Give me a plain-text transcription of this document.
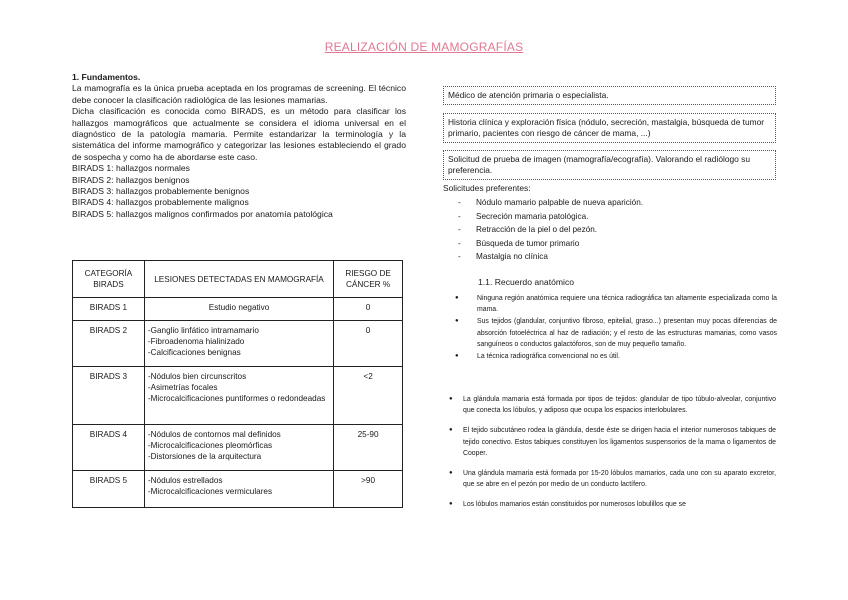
REALIZACIÓN DE MAMOGRAFÍAS

1. Fundamentos.

La mamografía es la única prueba aceptada en los programas de screening. El técnico debe conocer la clasificación radiológica de las lesiones mamarias.

Dicha clasificación es conocida como BIRADS, es un método para clasificar los hallazgos mamográficos que actualmente se considera el idioma universal en el diagnóstico de la patología mamaria. Permite estandarizar la terminología y la sistemática del informe mamográfico y categorizar las lesiones estableciendo el grado de sospecha y como ha de abordarse este caso.

BIRADS 1: hallazgos normales

BIRADS 2: hallazgos benignos

BIRADS 3: hallazgos probablemente benignos

BIRADS 4: hallazgos probablemente malignos

BIRADS 5: hallazgos malignos confirmados por anatomía patológica

CATEGORÍA BIRADS	LESIONES DETECTADAS EN MAMOGRAFÍA	RIESGO DE CÁNCER %
BIRADS 1	Estudio negativo	0
BIRADS 2	-Ganglio linfático intramamario
-Fibroadenoma hialinizado
-Calcificaciones benignas	0
BIRADS 3	-Nódulos bien circunscritos
-Asimetrías focales
-Microcalcificaciones puntiformes o redondeadas	<2
BIRADS 4	-Nódulos de contornos mal definidos
-Microcalcificaciones pleomórficas
-Distorsiones de la arquitectura	25-90
BIRADS 5	-Nódulos estrellados
-Microcalcificaciones vermiculares	>90
Médico de atención primaria o especialista.
Historia clínica y exploración física (nódulo, secreción, mastalgia, búsqueda de tumor primario, pacientes con riesgo de cáncer de mama, ...)
Solicitud de prueba de imagen (mamografía/ecografía). Valorando el radiólogo su preferencia.
Solicitudes preferentes:
- Nódulo mamario palpable de nueva aparición.
- Secreción mamaria patológica.
- Retracción de la piel o del pezón.
- Búsqueda de tumor primario
- Mastalgia no clínica
1.1. Recuerdo anatómico
● Ninguna región anatómica requiere una técnica radiográfica tan altamente especializada como la mama.
● Sus tejidos (glandular, conjuntivo fibroso, epitelial, graso...) presentan muy pocas diferencias de absorción fotoeléctrica al haz de radiación; y el resto de las estructuras mamarias, como vasos sanguíneos o conductos galactóforos, son de muy pequeño tamaño.
● La técnica radiográfica convencional no es útil.
● La glándula mamaria está formada por tipos de tejidos: glandular de tipo túbulo-alveolar, conjuntivo que conecta los lóbulos, y adiposo que ocupa los espacios interlobulares.
● El tejido subcutáneo rodea la glándula, desde éste se dirigen hacia el interior numerosos tabiques de tejido conectivo. Estos tabiques constituyen los ligamentos suspensorios de la mama o ligamentos de Cooper.
● Una glándula mamaria está formada por 15-20 lóbulos mamarios, cada uno con su aparato excretor, que se abre en el pezón por medio de un conducto lactífero.
● Los lóbulos mamarios están constituidos por numerosos lobulillos que se
